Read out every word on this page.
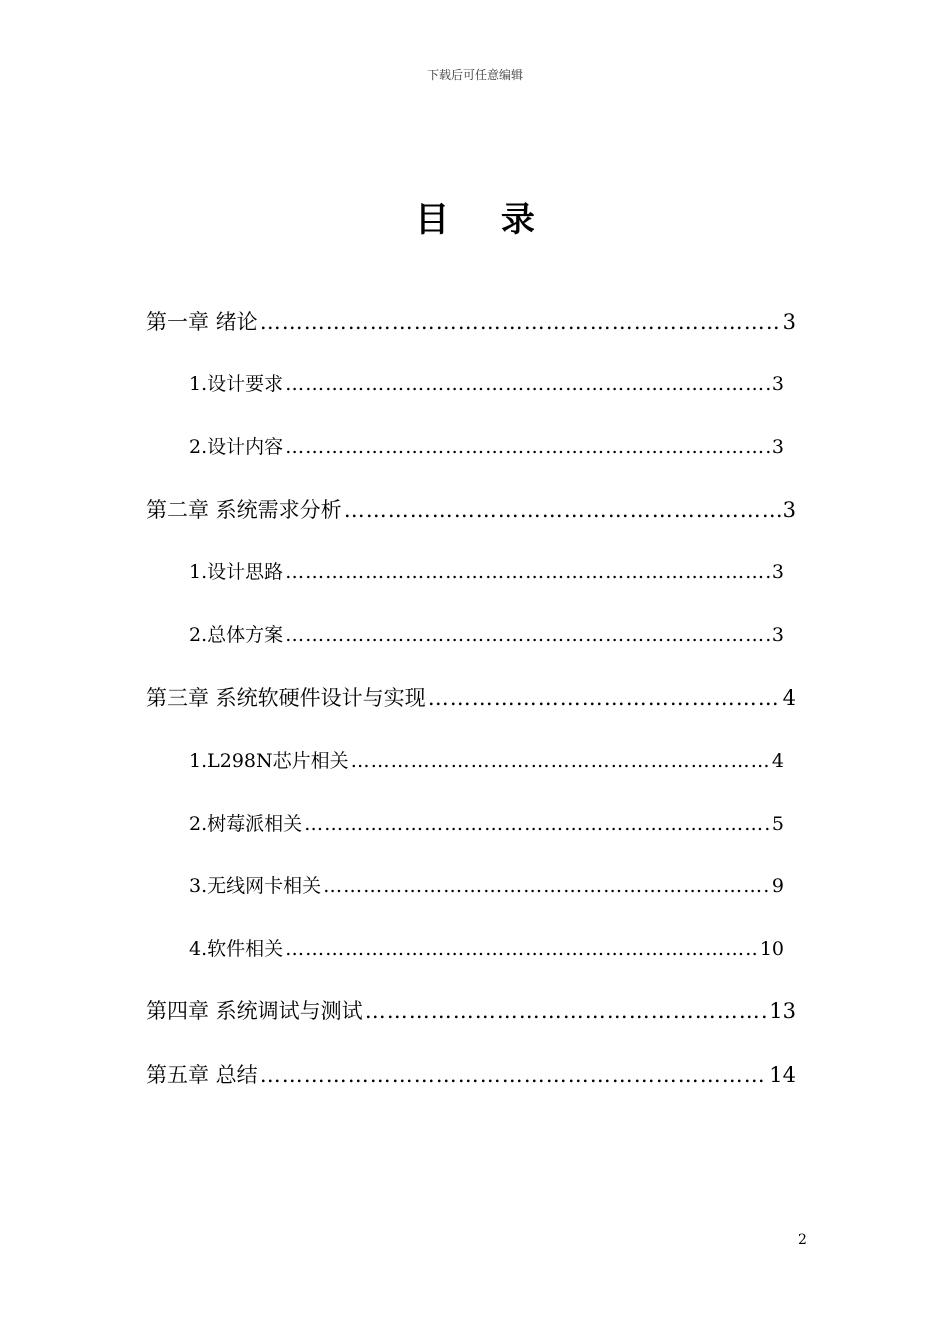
下载后可任意编辑
目 录
第一章 绪论 ……………………………………………………………………………………………………………………………………………………	3
1.设计要求 ……………………………………………………………………………………………………………………………………………………	3
2.设计内容 ……………………………………………………………………………………………………………………………………………………	3
第二章 系统需求分析 ……………………………………………………………………………………………………………………………………………………	3
1.设计思路 ……………………………………………………………………………………………………………………………………………………	3
2.总体方案 ……………………………………………………………………………………………………………………………………………………	3
第三章 系统软硬件设计与实现 ……………………………………………………………………………………………………………………………………………………	4
1.L298N芯片相关 ……………………………………………………………………………………………………………………………………………………	4
2.树莓派相关 ……………………………………………………………………………………………………………………………………………………	5
3.无线网卡相关 ……………………………………………………………………………………………………………………………………………………	9
4.软件相关 ……………………………………………………………………………………………………………………………………………………	10
第四章 系统调试与测试 ……………………………………………………………………………………………………………………………………………………	13
第五章 总结 ……………………………………………………………………………………………………………………………………………………	14
2
